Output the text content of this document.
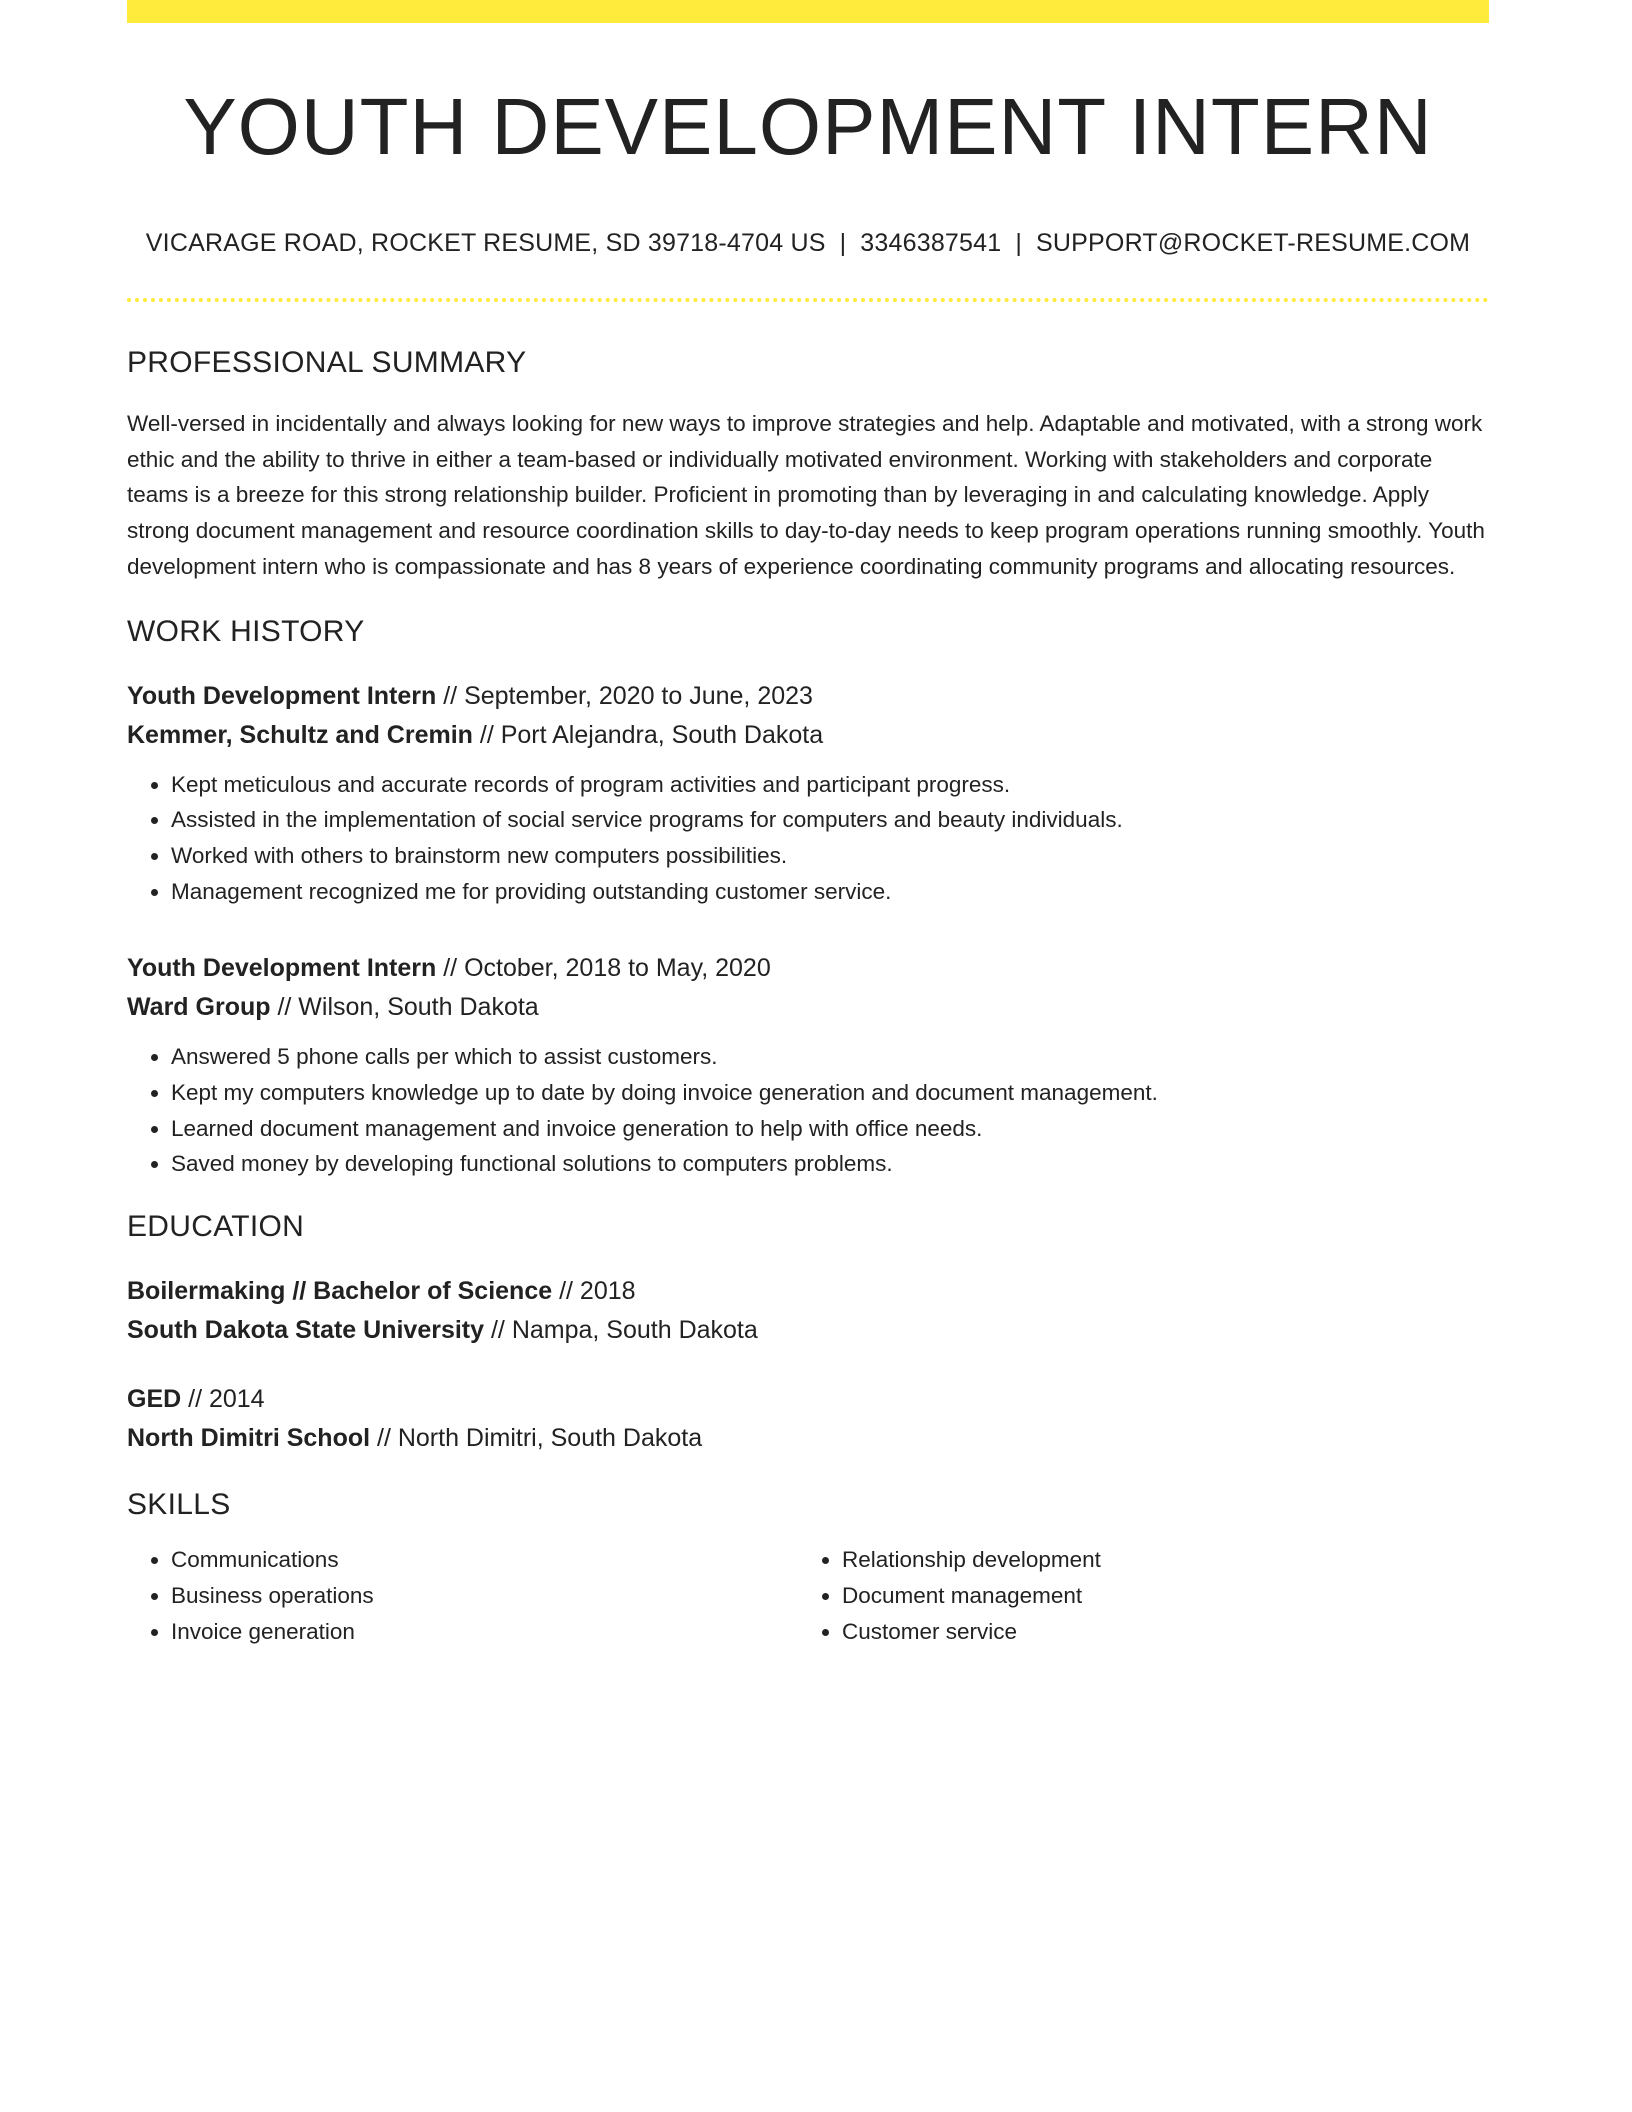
YOUTH DEVELOPMENT INTERN
VICARAGE ROAD, ROCKET RESUME, SD 39718-4704 US | 3346387541 | SUPPORT@ROCKET-RESUME.COM
PROFESSIONAL SUMMARY
Well-versed in incidentally and always looking for new ways to improve strategies and help. Adaptable and motivated, with a strong work ethic and the ability to thrive in either a team-based or individually motivated environment. Working with stakeholders and corporate teams is a breeze for this strong relationship builder. Proficient in promoting than by leveraging in and calculating knowledge. Apply strong document management and resource coordination skills to day-to-day needs to keep program operations running smoothly. Youth development intern who is compassionate and has 8 years of experience coordinating community programs and allocating resources.
WORK HISTORY
Youth Development Intern // September, 2020 to June, 2023
Kemmer, Schultz and Cremin // Port Alejandra, South Dakota
• Kept meticulous and accurate records of program activities and participant progress.
• Assisted in the implementation of social service programs for computers and beauty individuals.
• Worked with others to brainstorm new computers possibilities.
• Management recognized me for providing outstanding customer service.
Youth Development Intern // October, 2018 to May, 2020
Ward Group // Wilson, South Dakota
• Answered 5 phone calls per which to assist customers.
• Kept my computers knowledge up to date by doing invoice generation and document management.
• Learned document management and invoice generation to help with office needs.
• Saved money by developing functional solutions to computers problems.
EDUCATION
Boilermaking // Bachelor of Science // 2018
South Dakota State University // Nampa, South Dakota
GED // 2014
North Dimitri School // North Dimitri, South Dakota
SKILLS
• Communications
• Business operations
• Invoice generation
• Relationship development
• Document management
• Customer service
